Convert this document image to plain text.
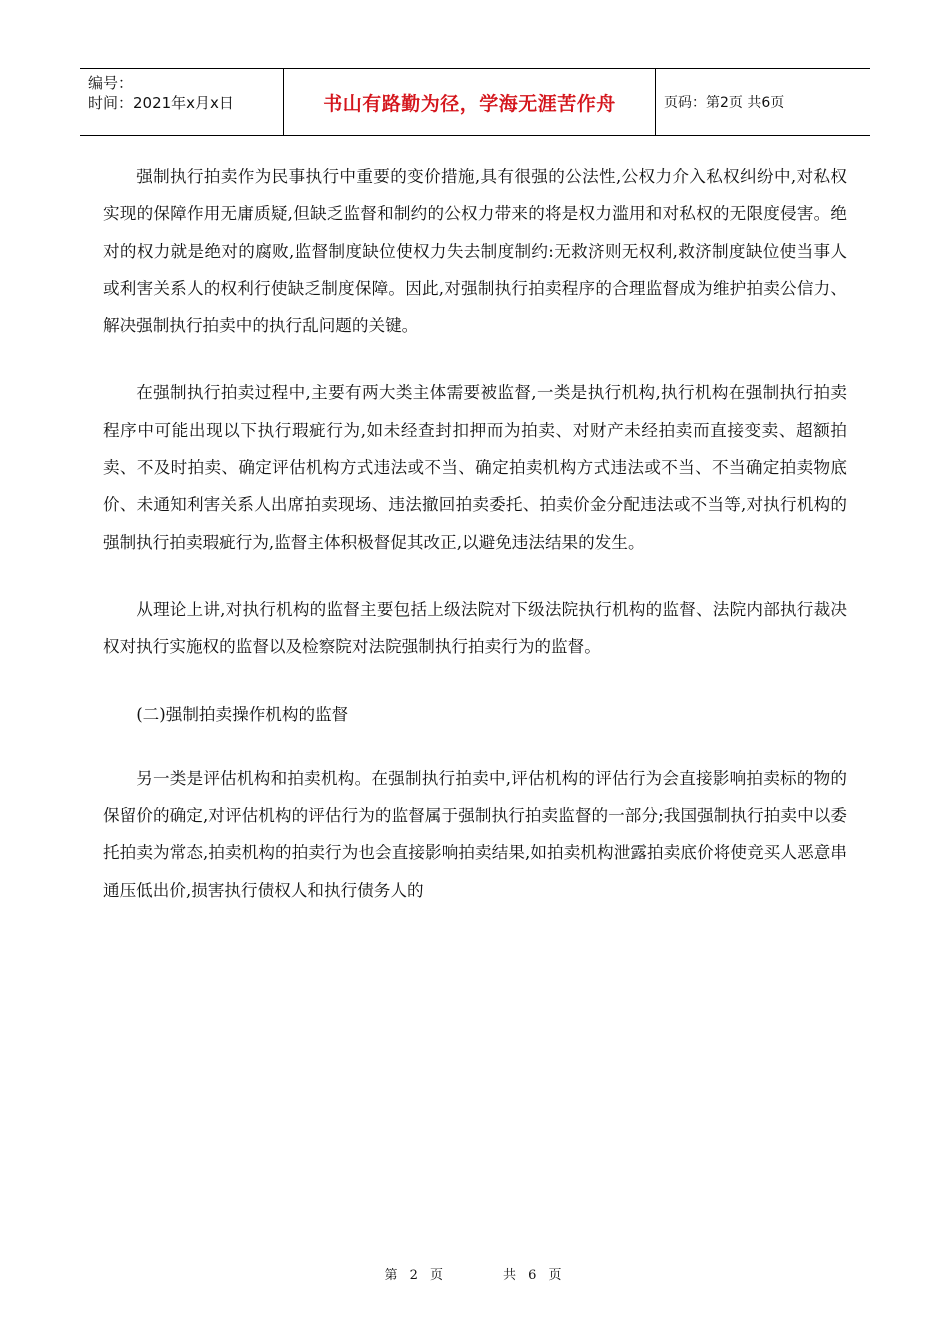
编号：
时间：2021年x月x日	书山有路勤为径，学海无涯苦作舟	页码：第2页 共6页

强制执行拍卖作为民事执行中重要的变价措施,具有很强的公法性,公权力介入私权纠纷中,对私权实现的保障作用无庸质疑,但缺乏监督和制约的公权力带来的将是权力滥用和对私权的无限度侵害。绝对的权力就是绝对的腐败,监督制度缺位使权力失去制度制约:无救济则无权利,救济制度缺位使当事人或利害关系人的权利行使缺乏制度保障。因此,对强制执行拍卖程序的合理监督成为维护拍卖公信力、解决强制执行拍卖中的执行乱问题的关键。

在强制执行拍卖过程中,主要有两大类主体需要被监督,一类是执行机构,执行机构在强制执行拍卖程序中可能出现以下执行瑕疵行为,如未经查封扣押而为拍卖、对财产未经拍卖而直接变卖、超额拍卖、不及时拍卖、确定评估机构方式违法或不当、确定拍卖机构方式违法或不当、不当确定拍卖物底价、未通知利害关系人出席拍卖现场、违法撤回拍卖委托、拍卖价金分配违法或不当等,对执行机构的强制执行拍卖瑕疵行为,监督主体积极督促其改正,以避免违法结果的发生。

从理论上讲,对执行机构的监督主要包括上级法院对下级法院执行机构的监督、法院内部执行裁决权对执行实施权的监督以及检察院对法院强制执行拍卖行为的监督。

(二)强制拍卖操作机构的监督

另一类是评估机构和拍卖机构。在强制执行拍卖中,评估机构的评估行为会直接影响拍卖标的物的保留价的确定,对评估机构的评估行为的监督属于强制执行拍卖监督的一部分;我国强制执行拍卖中以委托拍卖为常态,拍卖机构的拍卖行为也会直接影响拍卖结果,如拍卖机构泄露拍卖底价将使竞买人恶意串通压低出价,损害执行债权人和执行债务人的

第 2 页	共 6 页
